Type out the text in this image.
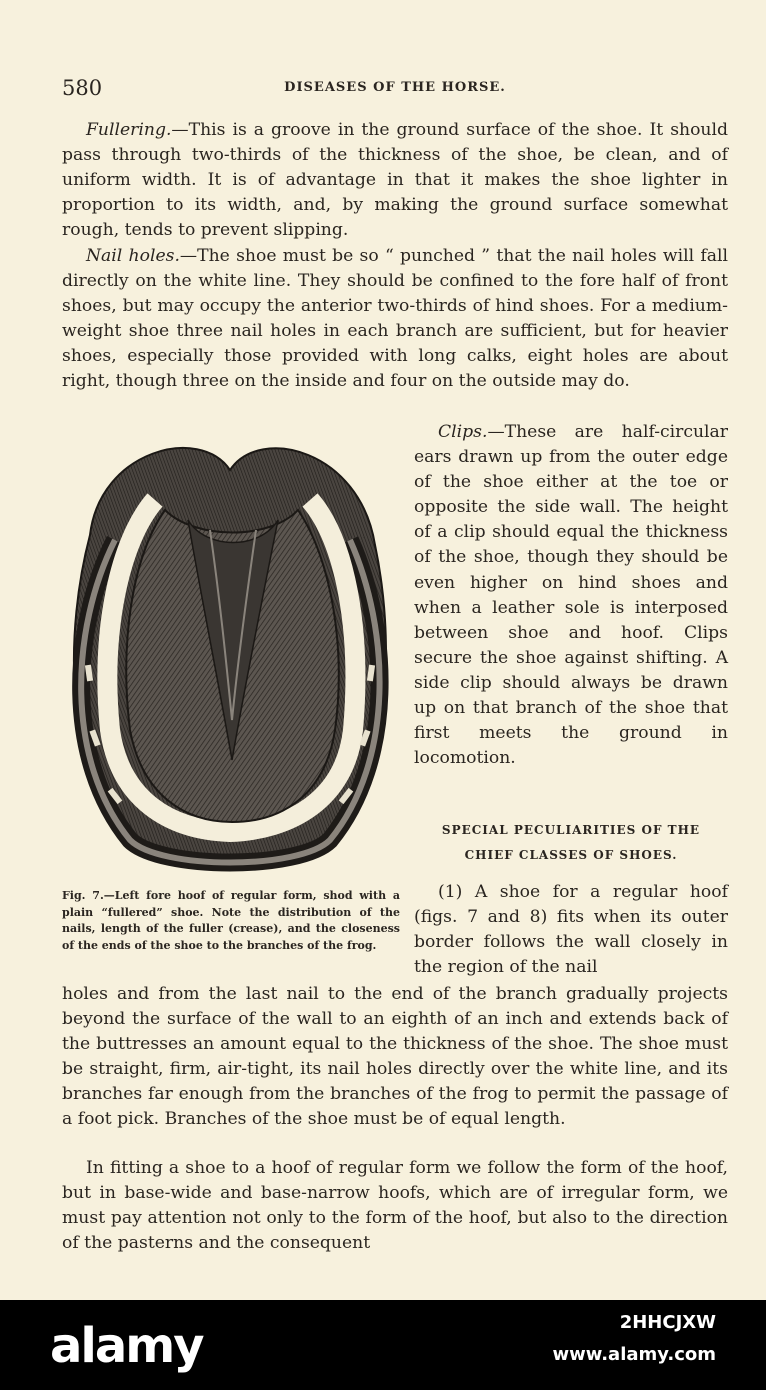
580	DISEASES OF THE HORSE.
Fullering.—This is a groove in the ground surface of the shoe. It should pass through two-thirds of the thickness of the shoe, be clean, and of uniform width. It is of advantage in that it makes the shoe lighter in proportion to its width, and, by making the ground surface somewhat rough, tends to prevent slipping.
Nail holes.—The shoe must be so “ punched ” that the nail holes will fall directly on the white line. They should be confined to the fore half of front shoes, but may occupy the anterior two-thirds of hind shoes. For a medium-weight shoe three nail holes in each branch are sufficient, but for heavier shoes, especially those provided with long calks, eight holes are about right, though three on the inside and four on the outside may do.
Clips.—These are half-circular ears drawn up from the outer edge of the shoe either at the toe or opposite the side wall. The height of a clip should equal the thickness of the shoe, though they should be even higher on hind shoes and when a leather sole is interposed between shoe and hoof. Clips secure the shoe against shifting. A side clip should always be drawn up on that branch of the shoe that first meets the ground in locomotion.
SPECIAL PECULIARITIES OF THE
CHIEF CLASSES OF SHOES.
Fig. 7.—Left fore hoof of regular form, shod with a plain “fullered” shoe. Note the distribution of the nails, length of the fuller (crease), and the closeness of the ends of the shoe to the branches of the frog.
(1) A shoe for a regular hoof (figs. 7 and 8) fits when its outer border follows the wall closely in the region of the nail
holes and from the last nail to the end of the branch gradually projects beyond the surface of the wall to an eighth of an inch and extends back of the buttresses an amount equal to the thickness of the shoe. The shoe must be straight, firm, air-tight, its nail holes directly over the white line, and its branches far enough from the branches of the frog to permit the passage of a foot pick. Branches of the shoe must be of equal length.
In fitting a shoe to a hoof of regular form we follow the form of the hoof, but in base-wide and base-narrow hoofs, which are of irregular form, we must pay attention not only to the form of the hoof, but also to the direction of the pasterns and the consequent
alamy	2HHCJXW
www.alamy.com
